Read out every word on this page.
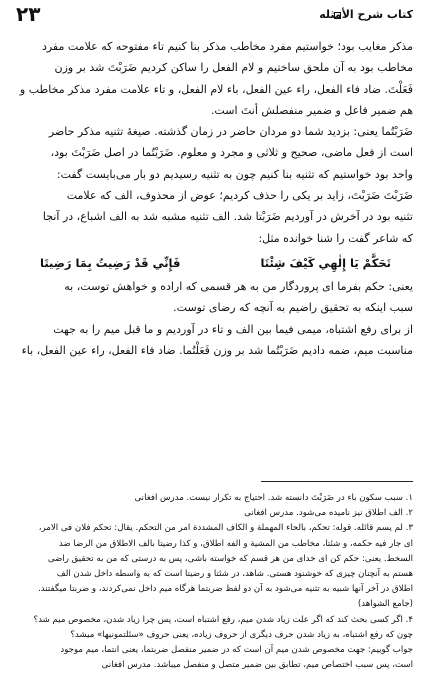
کتاب شرح الأمثله
۲۳

مذکر مغایب بود؛ خواستیم مفرد مخاطب مذکر بنا کنیم تاء مفتوحه که علامت مفرد

مخاطب بود به آن ملحق ساختیم و لام الفعل را ساکن کردیم ضَرَبْتَ شد بر وزن

فَعَلْتَ. ضاد فاء الفعل، راء عین الفعل، باء لام الفعل، و تاء علامت مفرد مذکر مخاطب و

هم ضمیر فاعل و ضمیر منفصلش أنتَ است.

ضَرَبْتُما یعنی: بزدید شما دو مردان حاضر در زمان گذشته. صیغهٔ تثنیه مذکر حاضر

است از فعل ماضی، صحیح و ثلاثی و مجرد و معلوم. ضَرَبْتُما در اصل ضَرَبْتَ بود،

واحد بود خواستیم که تثنیه بنا کنیم چون به تثنیه رسیدیم دو بار می‌بایست گفت:

ضَرَبْتَ ضَرَبْتَ، زاید بر یکی را حذف کردیم؛ عوض از محذوف، الف که علامت

تثنیه بود در آخرش در آوردیم ضَرَبْتا شد. الف تثنیه مشبه شد به الف اشباع، در آنجا

که شاعر گفت را شنا خوانده مثل:

تَحَكَّمْ يَا إِلٰهِي كَيْفَ شِئْتَا
فَإِنِّي قَدْ رَضِيتُ بِمَا رَضِيتَا

یعنی: حکم بفرما ای پروردگار من به هر قسمی که اراده و خواهش توست، به

سبب اینکه به تحقیق راضیم به آنچه که رضای توست.

از برای رفع اشتباه، میمی فیما بین الف و تاء در آوردیم و ما قبل میم را به جهت

مناسبت میم، ضمه دادیم ضَرَبْتُما شد بر وزن فَعَلْتُما. ضاد فاء الفعل، راء عین الفعل، باء

۱. سبب سکون باء در ضَرَبْتَ دانسته شد. احتیاج به تکرار نیست. مدرس افغانی

۲. الف اطلاق نیز نامیده می‌شود. مدرس افغانی

۳. لم یسم قائله. قوله: تحکم، بالحاء المهملة و الکاف المشددة امر من التحکم. یقال: تحکم فلان فی الامر،

ای جار فیه حکمه، و شئتا، مخاطب من المشیة و الفه اطلاق، و کذا رضیتا بالف الاطلاق من الرضا ضد

السخط. یعنی: حکم کن ای خدای من هر قسم که خواسته باشی، پس به درستی که من به تحقیق راضی

هستم به آنچنان چیزی که خوشنود هستی. شاهد، در شئتا و رضیتا است که به واسطه داخل شدن الف

اطلاق در آخر آنها شبیه به تثنیه می‌شود به آن دو لفظ ضربتما هرگاه میم داخل نمی‌کردند، و ضربتا میگفتند.

(جامع الشواهد)

۴. اگر کسی بحث کند که اگر علت زیاد شدن میم، رفع اشتباه است، پس چرا زیاد شدن، مخصوص میم شد؟

چون که رفع اشتباه، به زیاد شدن حرف دیگری از حروف زیاده، یعنی حروف «سئلتمونیها» میشد؟

جواب گوییم: جهت مخصوص شدن میم آن است که در ضمیر منفصل ضربتما، یعنی انتما، میم موجود

است، پس سبب اختصاص میم، تطابق بین ضمیر متصل و منفصل میباشد. مدرس افغانی
